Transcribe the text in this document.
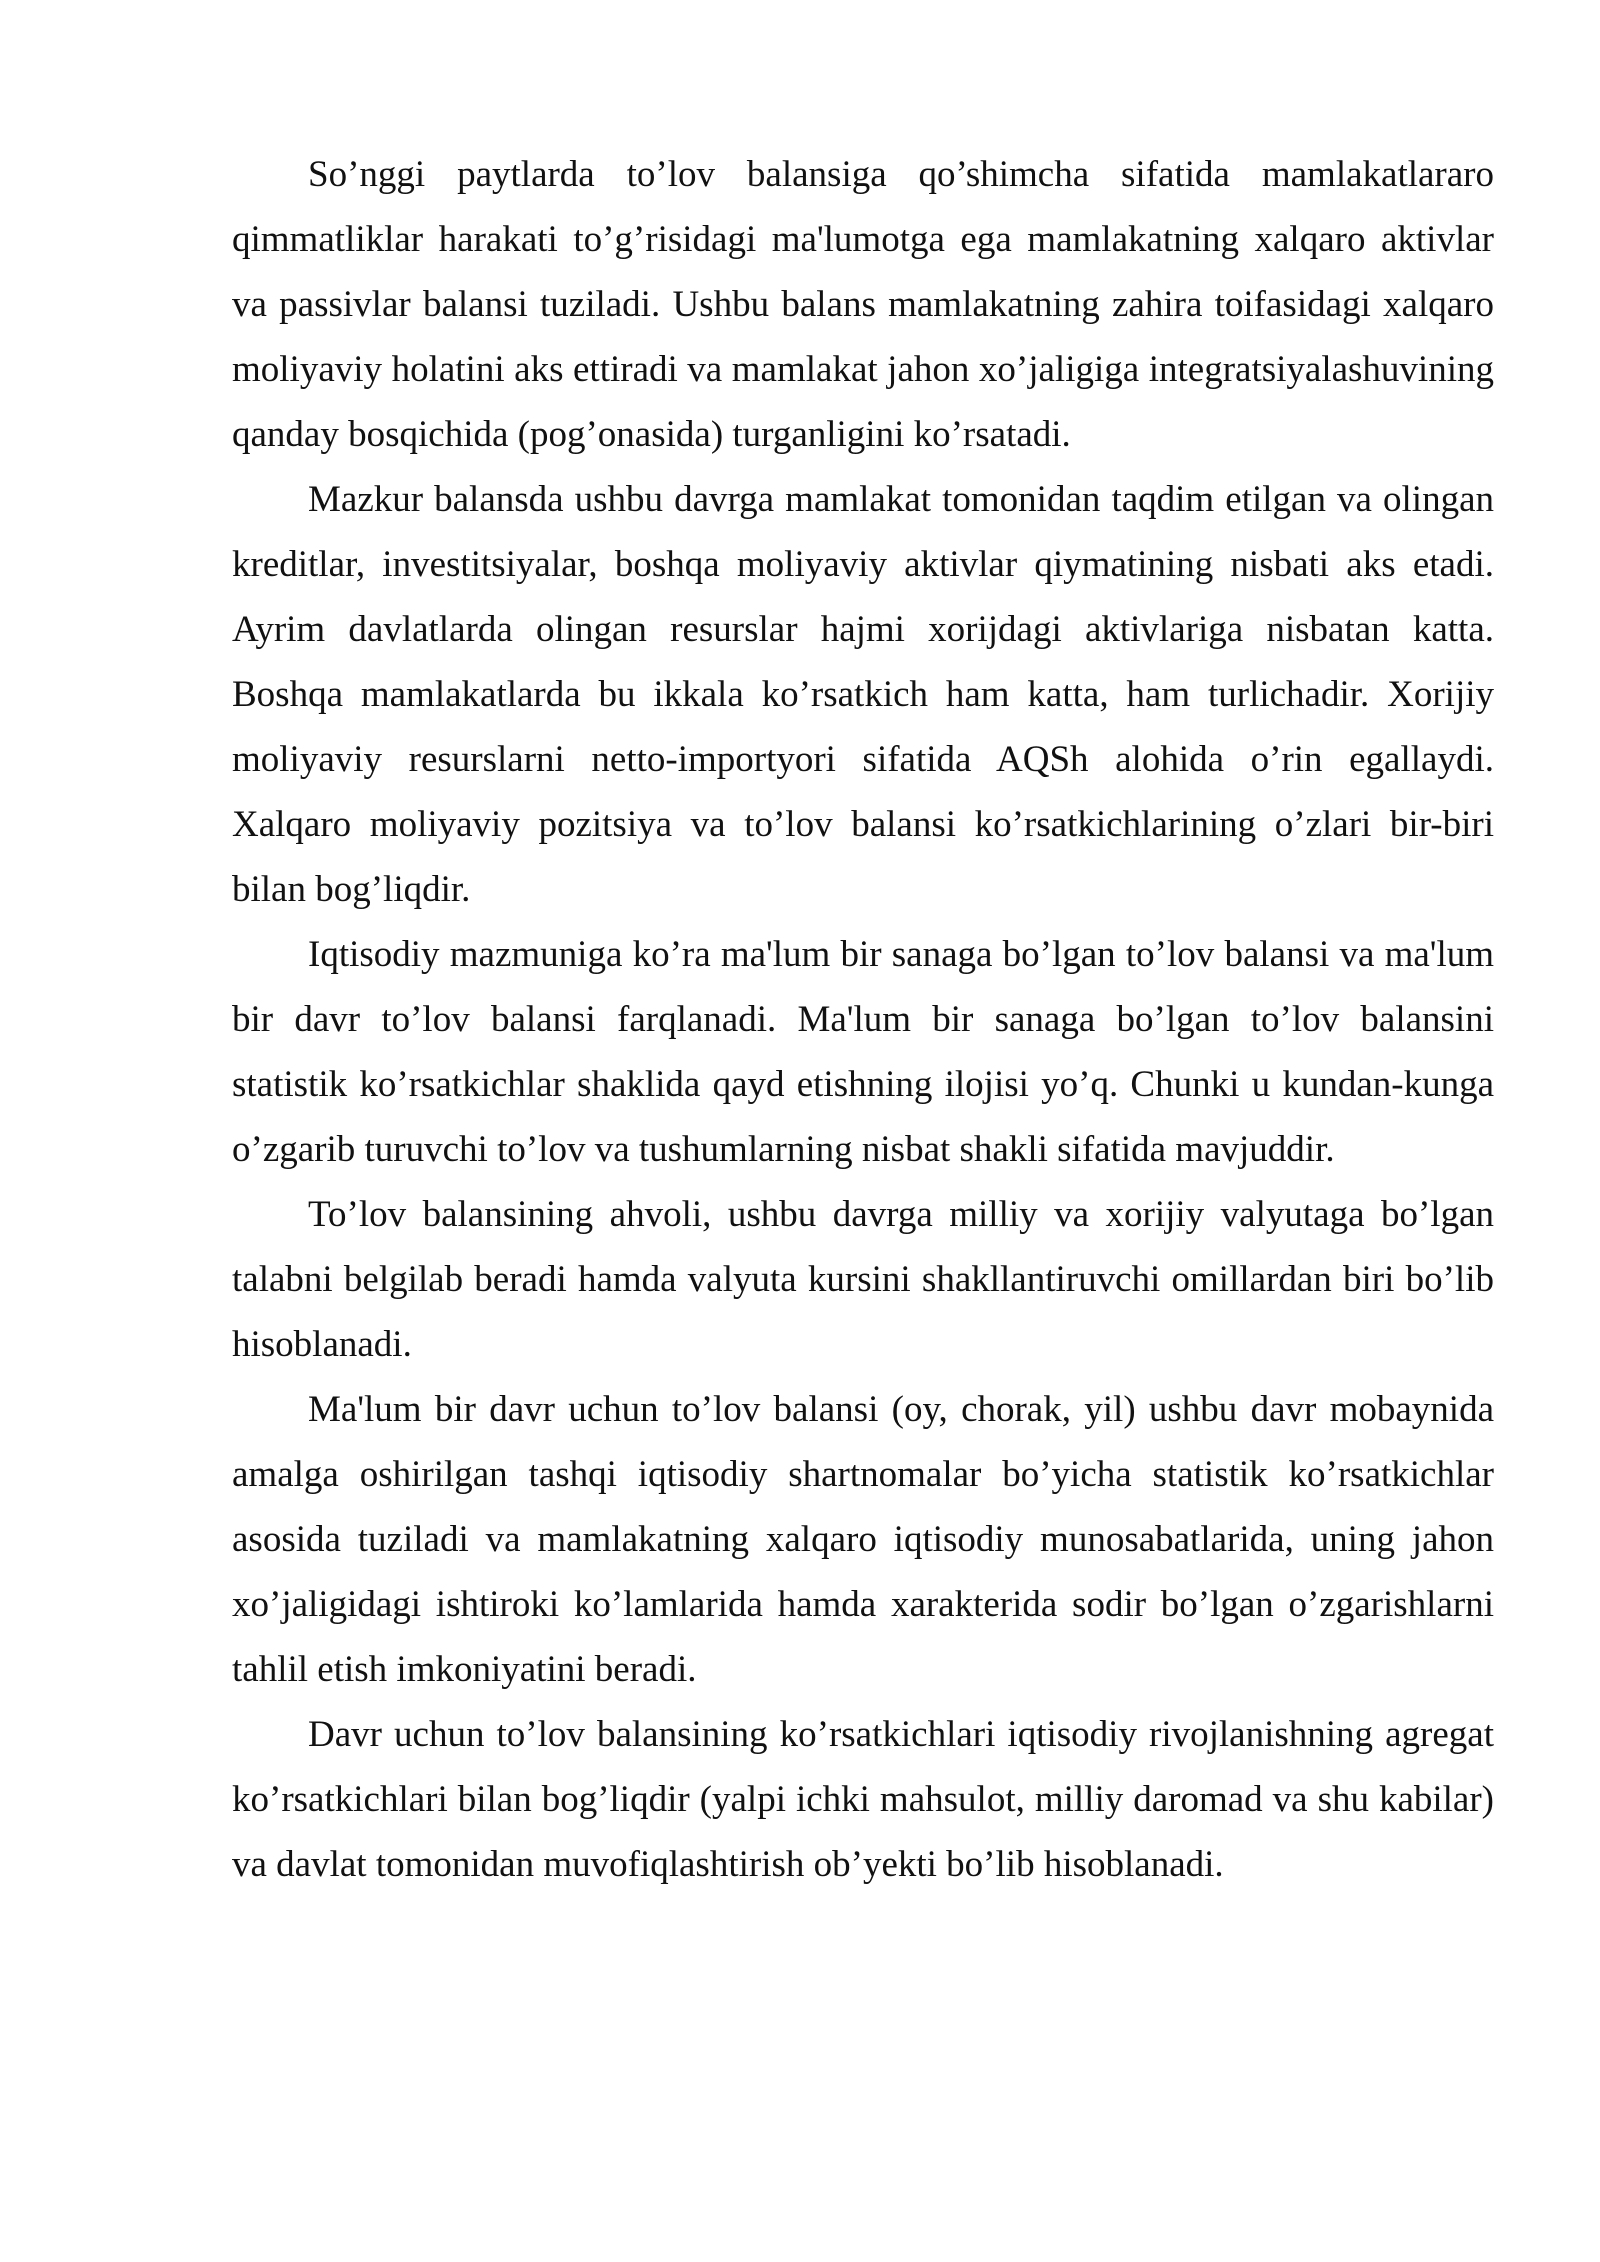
So’nggi paytlarda to’lov balansiga qo’shimcha sifatida mamlakatlararo qimmatliklar harakati to’g’risidagi ma'lumotga ega mamlakatning xalqaro aktivlar va passivlar balansi tuziladi. Ushbu balans mamlakatning zahira toifasidagi xalqaro moliyaviy holatini aks ettiradi va mamlakat jahon xo’jaligiga integratsiyalashuvining qanday bosqichida (pog’onasida) turganligini ko’rsatadi.

Mazkur balansda ushbu davrga mamlakat tomonidan taqdim etilgan va olingan kreditlar, investitsiyalar, boshqa moliyaviy aktivlar qiymatining nisbati aks etadi. Ayrim davlatlarda olingan resurslar hajmi xorijdagi aktivlariga nisbatan katta. Boshqa mamlakatlarda bu ikkala ko’rsatkich ham katta, ham turlichadir. Xorijiy moliyaviy resurslarni netto-importyori sifatida AQSh alohida o’rin egallaydi. Xalqaro moliyaviy pozitsiya va to’lov balansi ko’rsatkichlarining o’zlari bir-biri bilan bog’liqdir.

Iqtisodiy mazmuniga ko’ra ma'lum bir sanaga bo’lgan to’lov balansi va ma'lum bir davr to’lov balansi farqlanadi. Ma'lum bir sanaga bo’lgan to’lov balansini statistik ko’rsatkichlar shaklida qayd etishning ilojisi yo’q. Chunki u kundan-kunga o’zgarib turuvchi to’lov va tushumlarning nisbat shakli sifatida mavjuddir.

To’lov balansining ahvoli, ushbu davrga milliy va xorijiy valyutaga bo’lgan talabni belgilab beradi hamda valyuta kursini shakllantiruvchi omillardan biri bo’lib hisoblanadi.

Ma'lum bir davr uchun to’lov balansi (oy, chorak, yil) ushbu davr mobaynida amalga oshirilgan tashqi iqtisodiy shartnomalar bo’yicha statistik ko’rsatkichlar asosida tuziladi va mamlakatning xalqaro iqtisodiy munosabatlarida, uning jahon xo’jaligidagi ishtiroki ko’lamlarida hamda xarakterida sodir bo’lgan o’zgarishlarni tahlil etish imkoniyatini beradi.

Davr uchun to’lov balansining ko’rsatkichlari iqtisodiy rivojlanishning agregat ko’rsatkichlari bilan bog’liqdir (yalpi ichki mahsulot, milliy daromad va shu kabilar) va davlat tomonidan muvofiqlashtirish ob’yekti bo’lib hisoblanadi.
